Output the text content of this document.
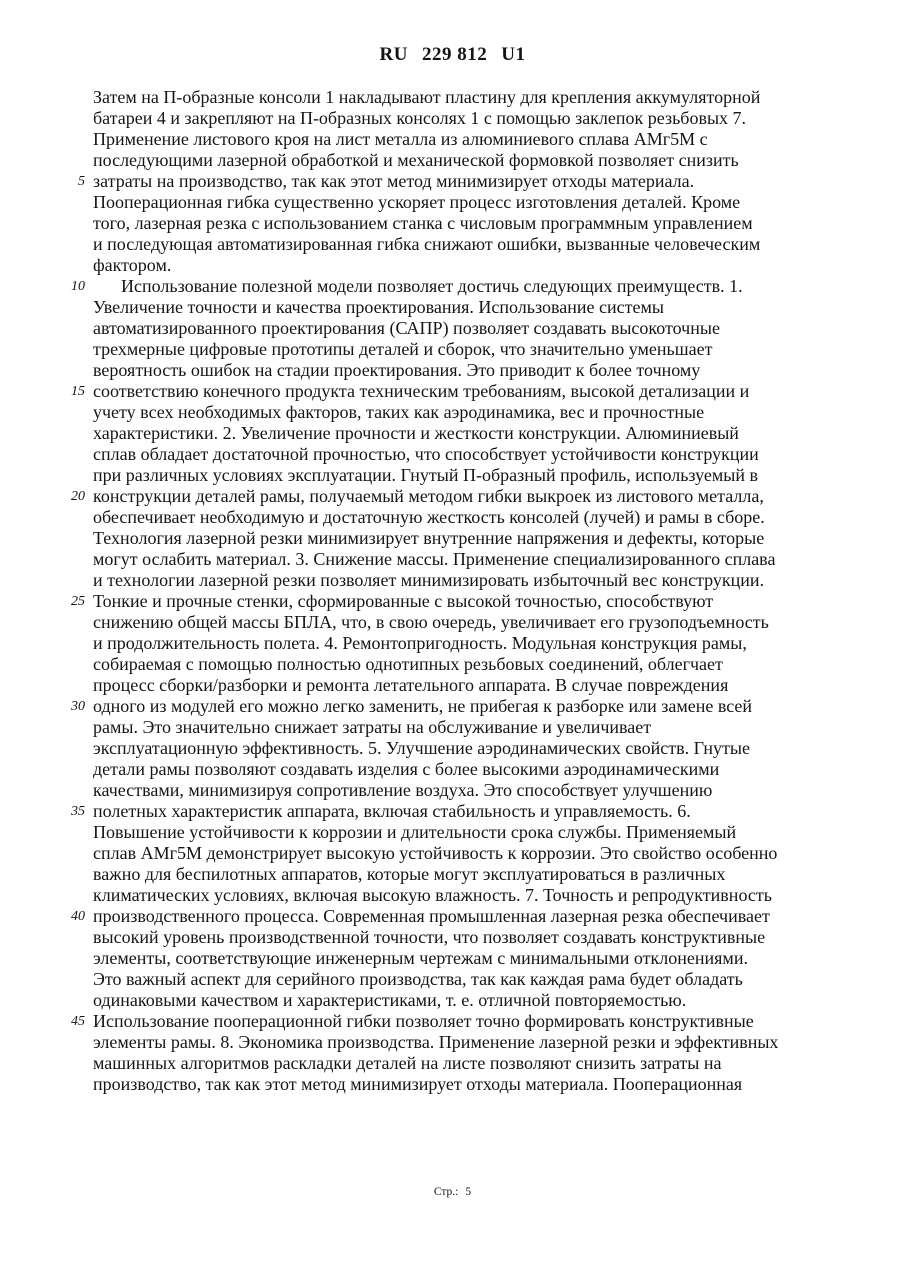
RU 229 812 U1
Затем на П-образные консоли 1 накладывают пластину для крепления аккумуляторной
батареи 4 и закрепляют на П-образных консолях 1 с помощью заклепок резьбовых 7.
Применение листового кроя на лист металла из алюминиевого сплава АМг5М с
последующими лазерной обработкой и механической формовкой позволяет снизить
5 затраты на производство, так как этот метод минимизирует отходы материала.
Пооперационная гибка существенно ускоряет процесс изготовления деталей. Кроме
того, лазерная резка с использованием станка с числовым программным управлением
и последующая автоматизированная гибка снижают ошибки, вызванные человеческим
фактором.
10 Использование полезной модели позволяет достичь следующих преимуществ. 1.
Увеличение точности и качества проектирования. Использование системы
автоматизированного проектирования (САПР) позволяет создавать высокоточные
трехмерные цифровые прототипы деталей и сборок, что значительно уменьшает
вероятность ошибок на стадии проектирования. Это приводит к более точному
15 соответствию конечного продукта техническим требованиям, высокой детализации и
учету всех необходимых факторов, таких как аэродинамика, вес и прочностные
характеристики. 2. Увеличение прочности и жесткости конструкции. Алюминиевый
сплав обладает достаточной прочностью, что способствует устойчивости конструкции
при различных условиях эксплуатации. Гнутый П-образный профиль, используемый в
20 конструкции деталей рамы, получаемый методом гибки выкроек из листового металла,
обеспечивает необходимую и достаточную жесткость консолей (лучей) и рамы в сборе.
Технология лазерной резки минимизирует внутренние напряжения и дефекты, которые
могут ослабить материал. 3. Снижение массы. Применение специализированного сплава
и технологии лазерной резки позволяет минимизировать избыточный вес конструкции.
25 Тонкие и прочные стенки, сформированные с высокой точностью, способствуют
снижению общей массы БПЛА, что, в свою очередь, увеличивает его грузоподъемность
и продолжительность полета. 4. Ремонтопригодность. Модульная конструкция рамы,
собираемая с помощью полностью однотипных резьбовых соединений, облегчает
процесс сборки/разборки и ремонта летательного аппарата. В случае повреждения
30 одного из модулей его можно легко заменить, не прибегая к разборке или замене всей
рамы. Это значительно снижает затраты на обслуживание и увеличивает
эксплуатационную эффективность. 5. Улучшение аэродинамических свойств. Гнутые
детали рамы позволяют создавать изделия с более высокими аэродинамическими
качествами, минимизируя сопротивление воздуха. Это способствует улучшению
35 полетных характеристик аппарата, включая стабильность и управляемость. 6.
Повышение устойчивости к коррозии и длительности срока службы. Применяемый
сплав АМг5М демонстрирует высокую устойчивость к коррозии. Это свойство особенно
важно для беспилотных аппаратов, которые могут эксплуатироваться в различных
климатических условиях, включая высокую влажность. 7. Точность и репродуктивность
40 производственного процесса. Современная промышленная лазерная резка обеспечивает
высокий уровень производственной точности, что позволяет создавать конструктивные
элементы, соответствующие инженерным чертежам с минимальными отклонениями.
Это важный аспект для серийного производства, так как каждая рама будет обладать
одинаковыми качеством и характеристиками, т. е. отличной повторяемостью.
45 Использование пооперационной гибки позволяет точно формировать конструктивные
элементы рамы. 8. Экономика производства. Применение лазерной резки и эффективных
машинных алгоритмов раскладки деталей на листе позволяют снизить затраты на
производство, так как этот метод минимизирует отходы материала. Пооперационная
Стр.: 5
